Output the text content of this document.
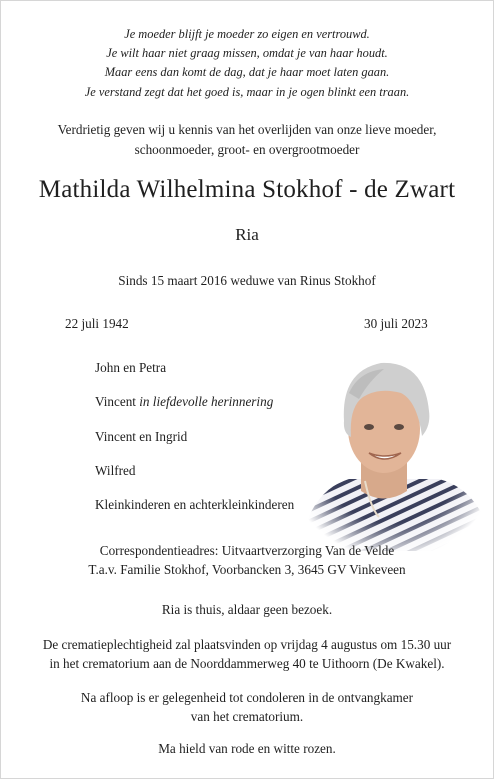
Je moeder blijft je moeder zo eigen en vertrouwd.
Je wilt haar niet graag missen, omdat je van haar houdt.
Maar eens dan komt de dag, dat je haar moet laten gaan.
Je verstand zegt dat het goed is, maar in je ogen blinkt een traan.
Verdrietig geven wij u kennis van het overlijden van onze lieve moeder,
schoonmoeder, groot- en overgrootmoeder
Mathilda Wilhelmina Stokhof - de Zwart
Ria
Sinds 15 maart 2016 weduwe van Rinus Stokhof
22 juli 1942	30 juli 2023
John en Petra
Vincent in liefdevolle herinnering
Vincent en Ingrid
Wilfred
Kleinkinderen en achterkleinkinderen
Correspondentieadres: Uitvaartverzorging Van de Velde
T.a.v. Familie Stokhof, Voorbancken 3, 3645 GV Vinkeveen
Ria is thuis, aldaar geen bezoek.
De crematieplechtigheid zal plaatsvinden op vrijdag 4 augustus om 15.30 uur
in het crematorium aan de Noorddammerweg 40 te Uithoorn (De Kwakel).
Na afloop is er gelegenheid tot condoleren in de ontvangkamer
van het crematorium.
Ma hield van rode en witte rozen.
